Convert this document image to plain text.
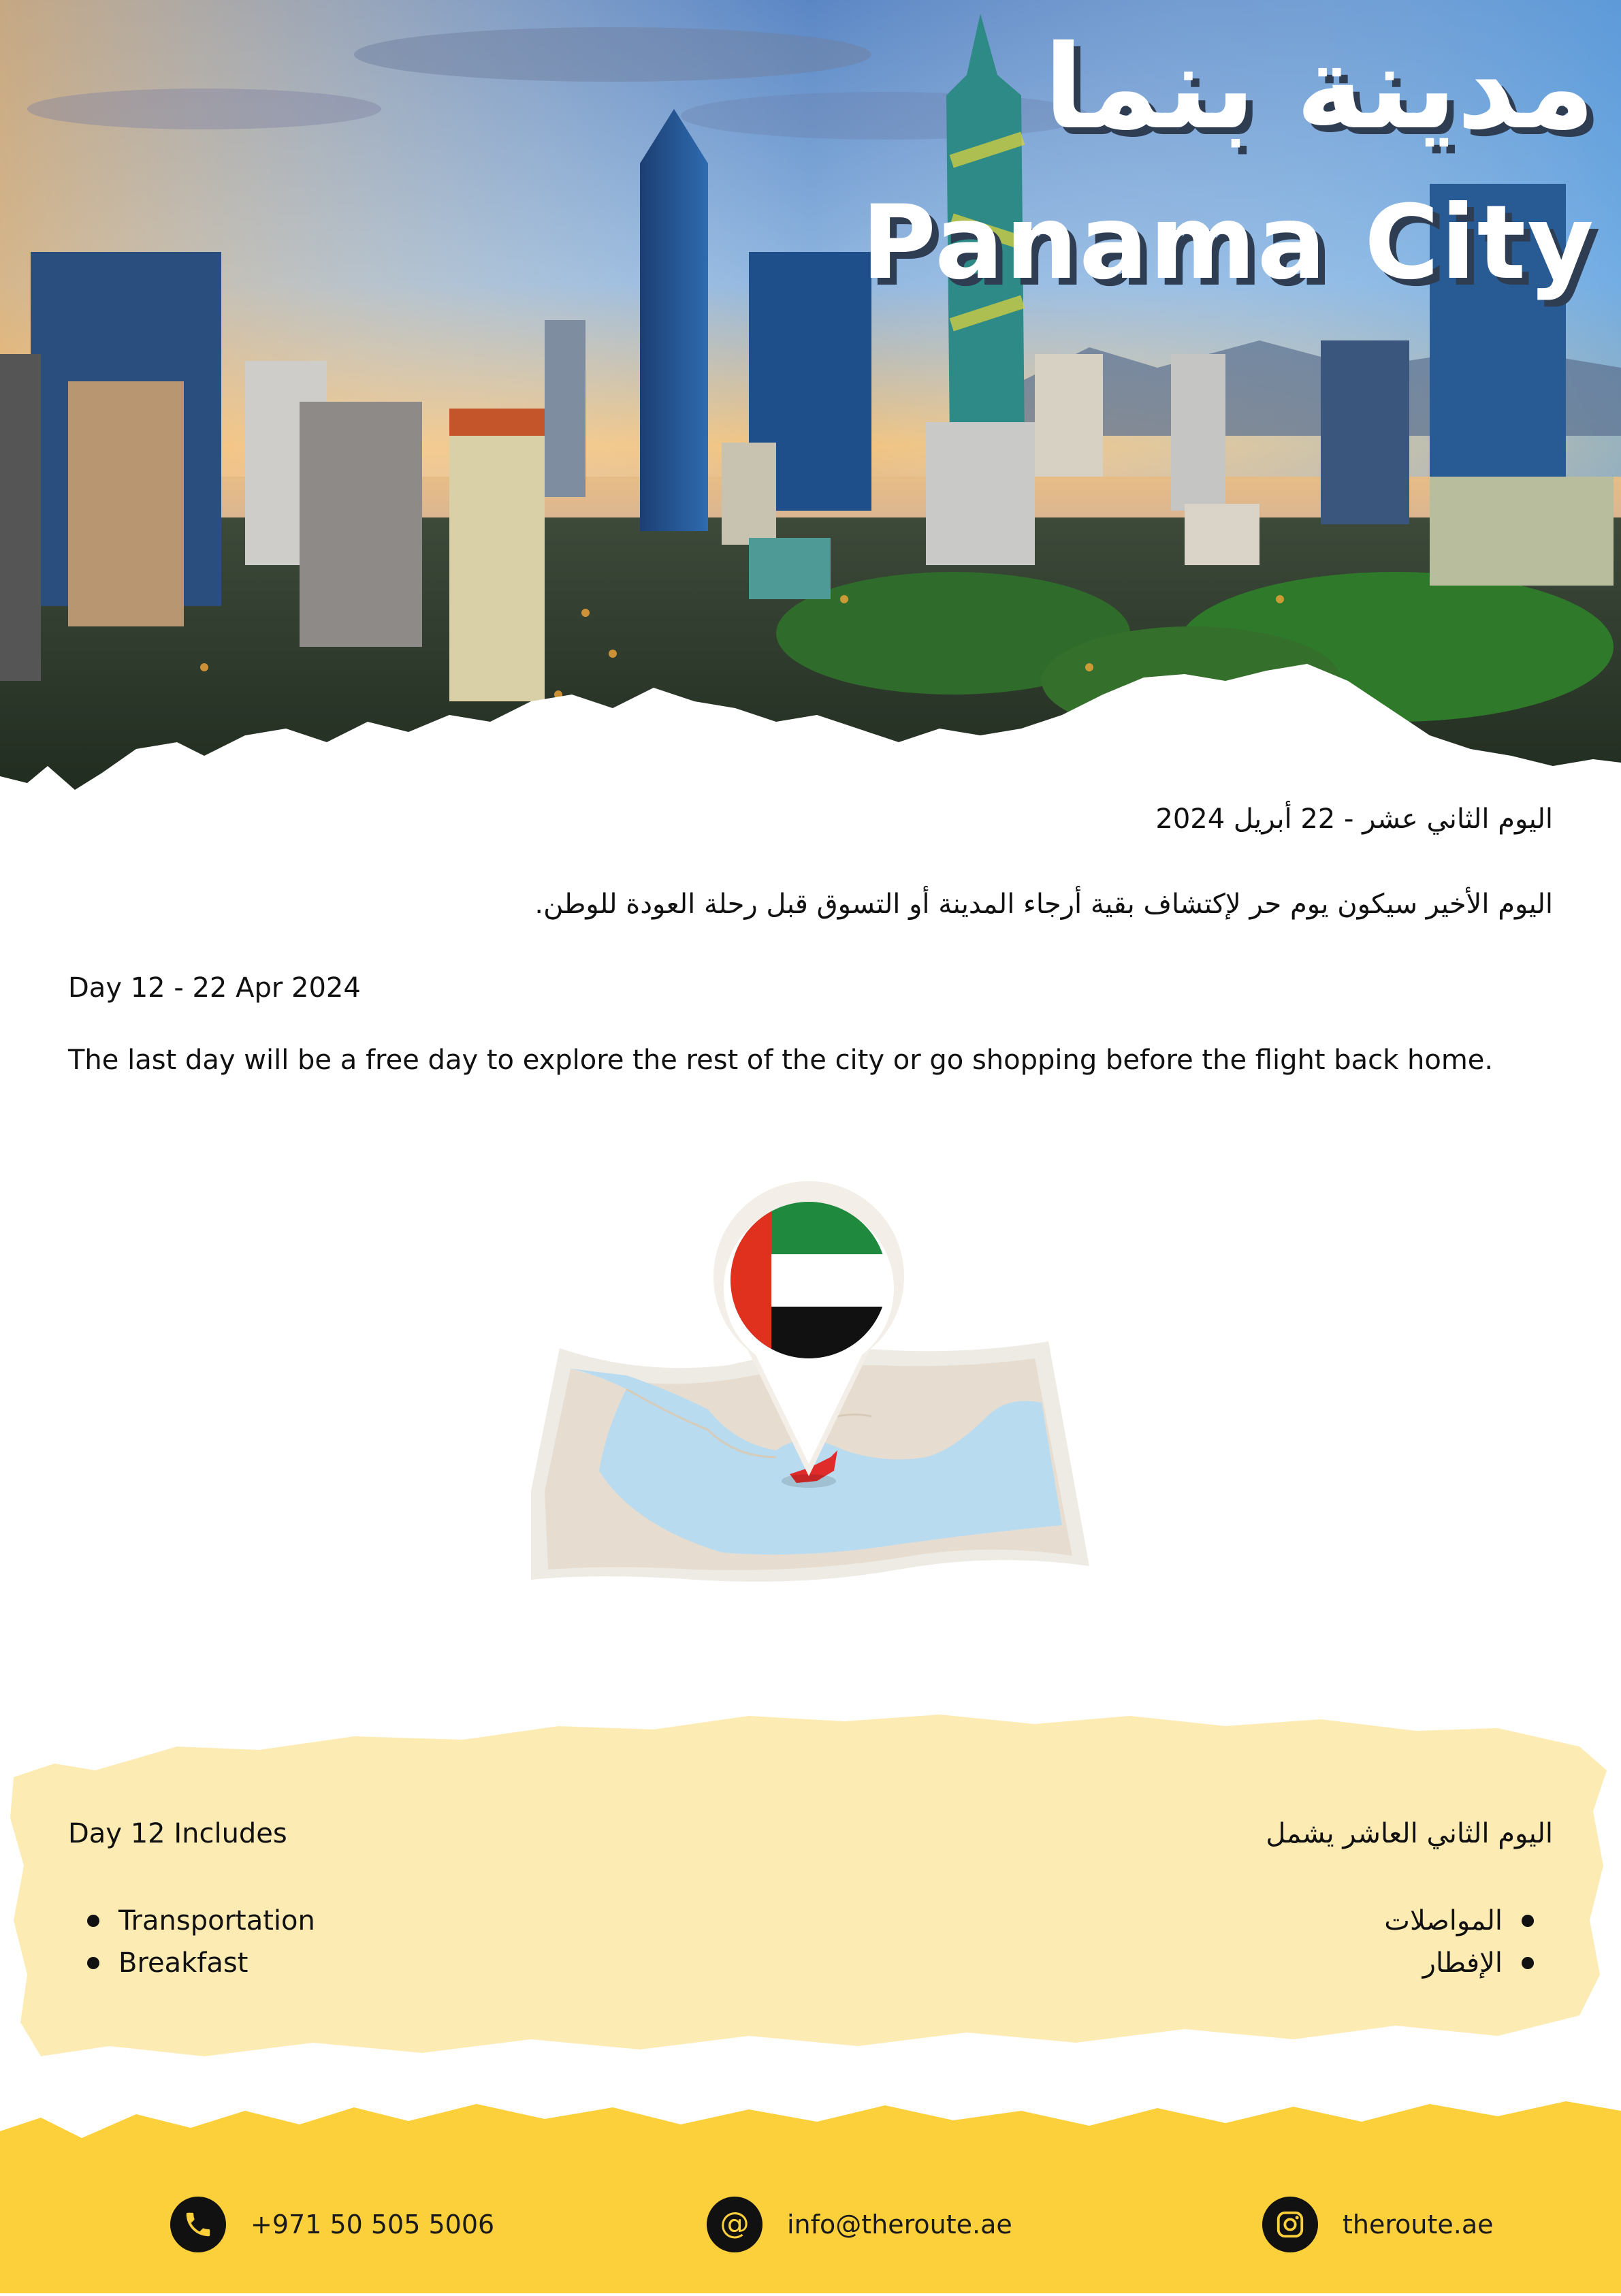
مدينة بنما
Panama City
اليوم الثاني عشر - 22 أبريل 2024
اليوم الأخير سيكون يوم حر لإكتشاف بقية أرجاء المدينة أو التسوق قبل رحلة العودة للوطن.
Day 12 - 22 Apr 2024
The last day will be a free day to explore the rest of the city or go shopping before the flight back home.
Day 12 Includes	اليوم الثاني العاشر يشمل
Transportation
Breakfast
المواصلات
الإفطار
+971 50 505 5006	@ info@theroute.ae	theroute.ae
